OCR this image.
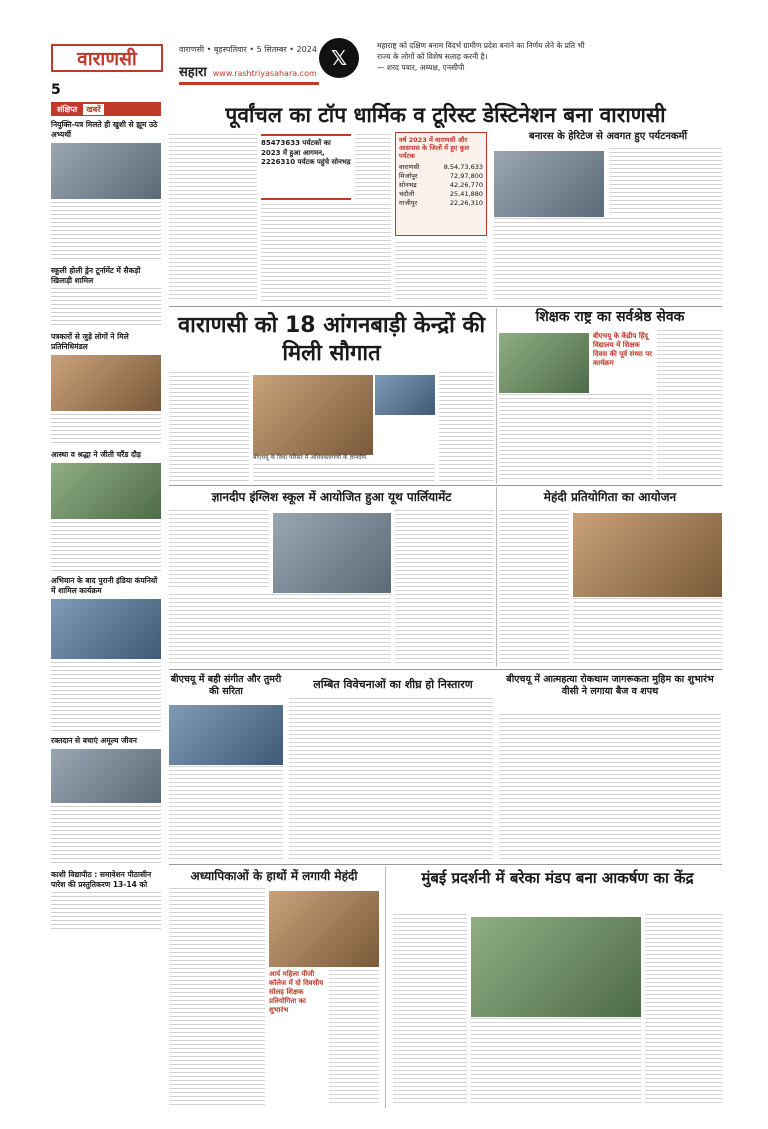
वाराणसी
5
वाराणसी • बृहस्पतिवार • 5 सितम्बर • 2024
सहारा www.rashtriyasahara.com
𝕏
महाराष्ट्र को दक्षिण बनाम विदर्भ ग्रामीण प्रदेश बनाने का निर्णय लेने के प्रति भी राज्य के लोगों को विशेष सलाह करनी है।
— शरद पवार, अध्यक्ष, एनसीपी
संक्षिप्त	खबरें
नियुक्ति-पत्र मिलते ही खुशी से झूम उठे अभ्यर्थी
स्कूली होली ड्रेन टूर्नामेंट में सैकड़ों खिलाड़ी शामिल
पत्रकारों से जुड़े लोगों ने मिले प्रतिनिधिमंडल
आस्था व श्रद्धा ने जीती चरैंड दौड़
अभियान के बाद पुरानी इंडिया कंपनियों में शामिल कार्यक्रम
रक्तदान से बचाएं अमूल्य जीवन
काशी विद्यापीठ : समावेशन पीठासीन पारेश की प्रस्तुतिकरण 13-14 को
पूर्वांचल का टॉप धार्मिक व टूरिस्ट डेस्टिनेशन बना वाराणसी
85473633 पर्यटकों का 2023 में हुआ आगमन, 2226310 पर्यटक पहुंचे सोनभद्र
वर्ष 2023 में वाराणसी और आसपास के जिलों में हुए कुल पर्यटक
वाराणसी	8,54,73,633
मिर्जापुर	72,97,800
सोनभद्र	42,26,770
चंदौली	25,41,880
गाजीपुर	22,26,310
बनारस के हेरिटेज से अवगत हुए पर्यटनकर्मी
वाराणसी को 18 आंगनबाड़ी केन्द्रों की मिली सौगात
बीएचयू के विधा परिसर में अधिवक्तागणों के ज्ञानदीप
शिक्षक राष्ट्र का सर्वश्रेष्ठ सेवक
बीएचयू के केंद्रीय हिंदू विद्यालय में शिक्षक दिवस की पूर्व संध्या पर कार्यक्रम
ज्ञानदीप इंग्लिश स्कूल में आयोजित हुआ यूथ पार्लियामेंट	मेहंदी प्रतियोगिता का आयोजन
बीएचयू में बही संगीत और तुमरी की सरिता
लम्बित विवेचनाओं का शीघ्र हो निस्तारण	बीएचयू में आत्महत्या रोकथाम जागरूकता मुहिम का शुभारंभ वीसी ने लगाया बैज व शपथ
अध्यापिकाओं के हाथों में लगायी मेहंदी
आर्य महिला पीजी कॉलेज में दो दिवसीय सोलह शिक्षक प्रतियोगिता का शुभारंभ
मुंबई प्रदर्शनी में बरेका मंडप बना आकर्षण का केंद्र
